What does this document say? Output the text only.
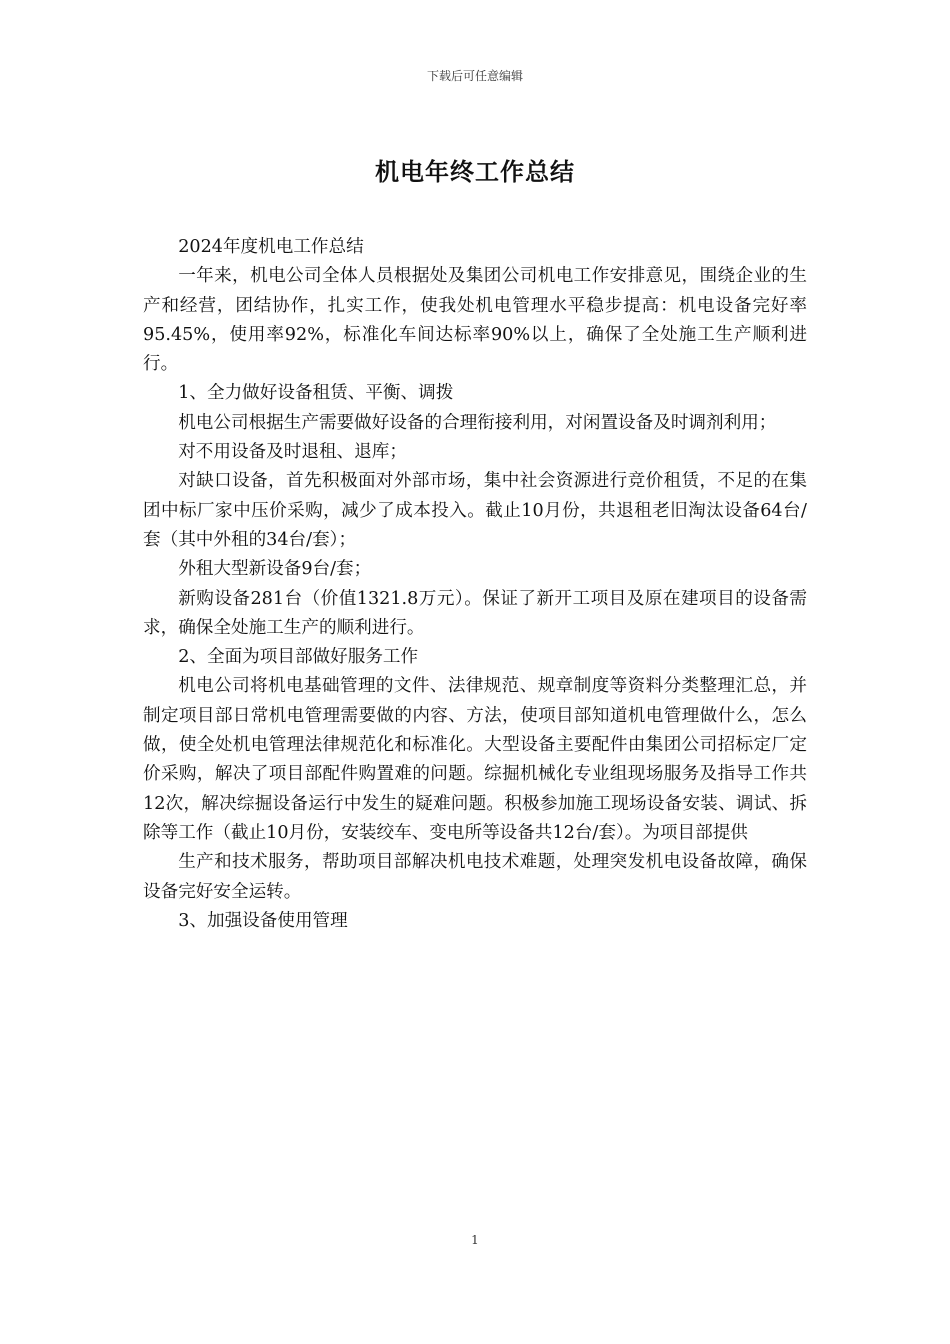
下载后可任意编辑
机电年终工作总结

2024年度机电工作总结

一年来，机电公司全体人员根据处及集团公司机电工作安排意见，围绕企业的生产和经营，团结协作，扎实工作，使我处机电管理水平稳步提高：机电设备完好率95.45%，使用率92%，标准化车间达标率90%以上，确保了全处施工生产顺利进行。

1、全力做好设备租赁、平衡、调拨

机电公司根据生产需要做好设备的合理衔接利用，对闲置设备及时调剂利用；

对不用设备及时退租、退库；

对缺口设备，首先积极面对外部市场，集中社会资源进行竞价租赁，不足的在集团中标厂家中压价采购，减少了成本投入。截止10月份，共退租老旧淘汰设备64台/套（其中外租的34台/套）；

外租大型新设备9台/套；

新购设备281台（价值1321.8万元）。保证了新开工项目及原在建项目的设备需求，确保全处施工生产的顺利进行。

2、全面为项目部做好服务工作

机电公司将机电基础管理的文件、法律规范、规章制度等资料分类整理汇总，并制定项目部日常机电管理需要做的内容、方法，使项目部知道机电管理做什么，怎么做，使全处机电管理法律规范化和标准化。大型设备主要配件由集团公司招标定厂定价采购，解决了项目部配件购置难的问题。综掘机械化专业组现场服务及指导工作共12次，解决综掘设备运行中发生的疑难问题。积极参加施工现场设备安装、调试、拆除等工作（截止10月份，安装绞车、变电所等设备共12台/套）。为项目部提供

生产和技术服务，帮助项目部解决机电技术难题，处理突发机电设备故障，确保设备完好安全运转。

3、加强设备使用管理

1
